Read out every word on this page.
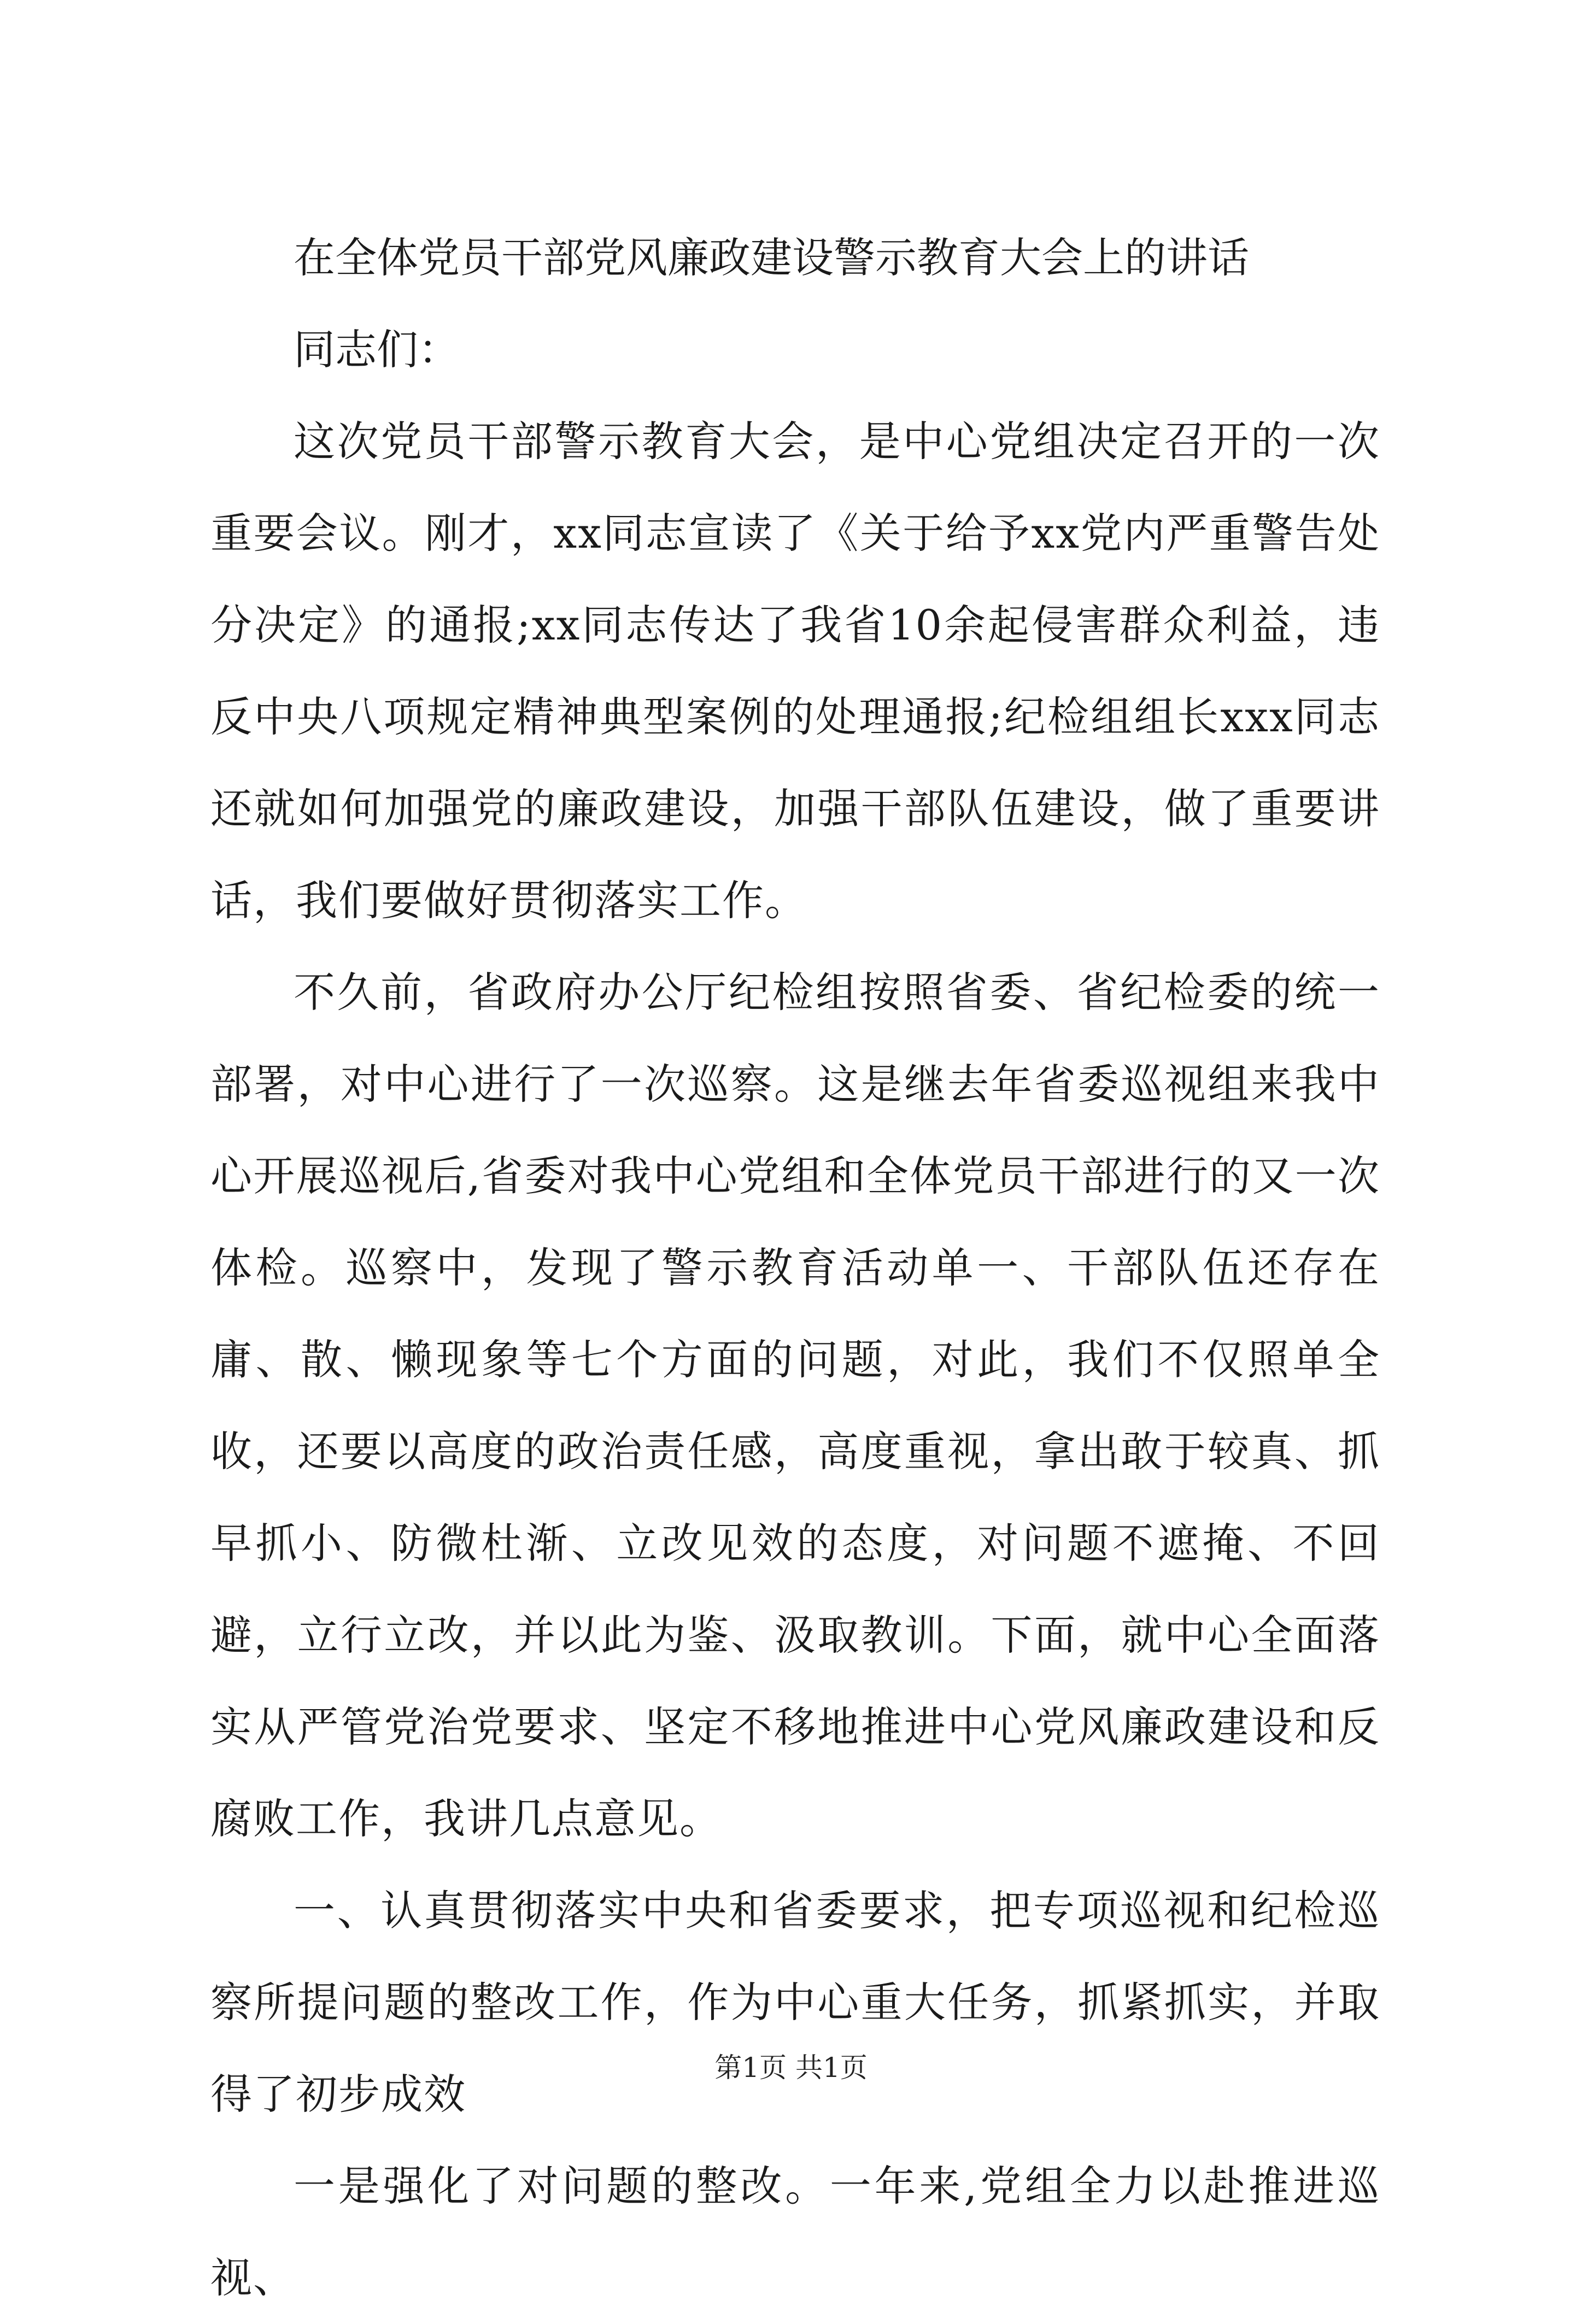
在全体党员干部党风廉政建设警示教育大会上的讲话

同志们：

这次党员干部警示教育大会，是中心党组决定召开的一次重要会议。刚才，xx同志宣读了《关于给予xx党内严重警告处分决定》的通报;xx同志传达了我省10余起侵害群众利益，违反中央八项规定精神典型案例的处理通报;纪检组组长xxx同志还就如何加强党的廉政建设，加强干部队伍建设，做了重要讲话，我们要做好贯彻落实工作。

不久前，省政府办公厅纪检组按照省委、省纪检委的统一部署，对中心进行了一次巡察。这是继去年省委巡视组来我中心开展巡视后,省委对我中心党组和全体党员干部进行的又一次体检。巡察中，发现了警示教育活动单一、干部队伍还存在庸、散、懒现象等七个方面的问题，对此，我们不仅照单全收，还要以高度的政治责任感，高度重视，拿出敢于较真、抓早抓小、防微杜渐、立改见效的态度，对问题不遮掩、不回避，立行立改，并以此为鉴、汲取教训。下面，就中心全面落实从严管党治党要求、坚定不移地推进中心党风廉政建设和反腐败工作，我讲几点意见。

一、认真贯彻落实中央和省委要求，把专项巡视和纪检巡察所提问题的整改工作，作为中心重大任务，抓紧抓实，并取得了初步成效

一是强化了对问题的整改。一年来,党组全力以赴推进巡视、

第1页 共1页
